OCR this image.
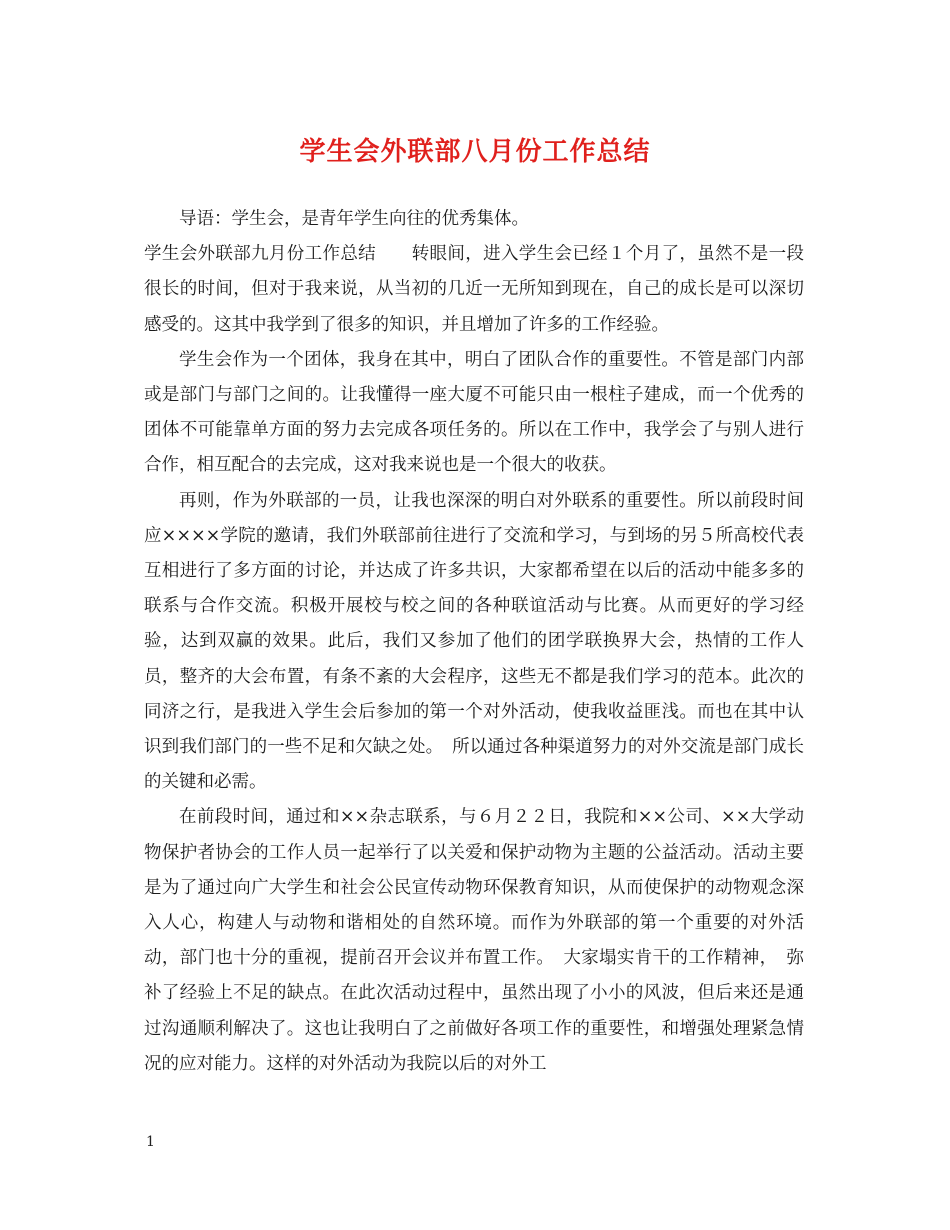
学生会外联部八月份工作总结

导语：学生会，是青年学生向往的优秀集体。

学生会外联部九月份工作总结　　转眼间，进入学生会已经１个月了，虽然不是一段很长的时间，但对于我来说，从当初的几近一无所知到现在，自己的成长是可以深切感受的。这其中我学到了很多的知识，并且增加了许多的工作经验。

学生会作为一个团体，我身在其中，明白了团队合作的重要性。不管是部门内部或是部门与部门之间的。让我懂得一座大厦不可能只由一根柱子建成，而一个优秀的团体不可能靠单方面的努力去完成各项任务的。所以在工作中，我学会了与别人进行合作，相互配合的去完成，这对我来说也是一个很大的收获。

再则，作为外联部的一员，让我也深深的明白对外联系的重要性。所以前段时间应××××学院的邀请，我们外联部前往进行了交流和学习，与到场的另５所高校代表互相进行了多方面的讨论，并达成了许多共识，大家都希望在以后的活动中能多多的联系与合作交流。积极开展校与校之间的各种联谊活动与比赛。从而更好的学习经验，达到双赢的效果。此后，我们又参加了他们的团学联换界大会，热情的工作人员，整齐的大会布置，有条不紊的大会程序，这些无不都是我们学习的范本。此次的同济之行，是我进入学生会后参加的第一个对外活动，使我收益匪浅。而也在其中认识到我们部门的一些不足和欠缺之处。　所以通过各种渠道努力的对外交流是部门成长的关键和必需。

在前段时间，通过和××杂志联系，与６月２２日，我院和××公司、××大学动物保护者协会的工作人员一起举行了以关爱和保护动物为主题的公益活动。活动主要是为了通过向广大学生和社会公民宣传动物环保教育知识，从而使保护的动物观念深入人心，构建人与动物和谐相处的自然环境。而作为外联部的第一个重要的对外活动，部门也十分的重视，提前召开会议并布置工作。　大家塌实肯干的工作精神，　弥补了经验上不足的缺点。在此次活动过程中，虽然出现了小小的风波，但后来还是通过沟通顺利解决了。这也让我明白了之前做好各项工作的重要性，和增强处理紧急情况的应对能力。这样的对外活动为我院以后的对外工

1
